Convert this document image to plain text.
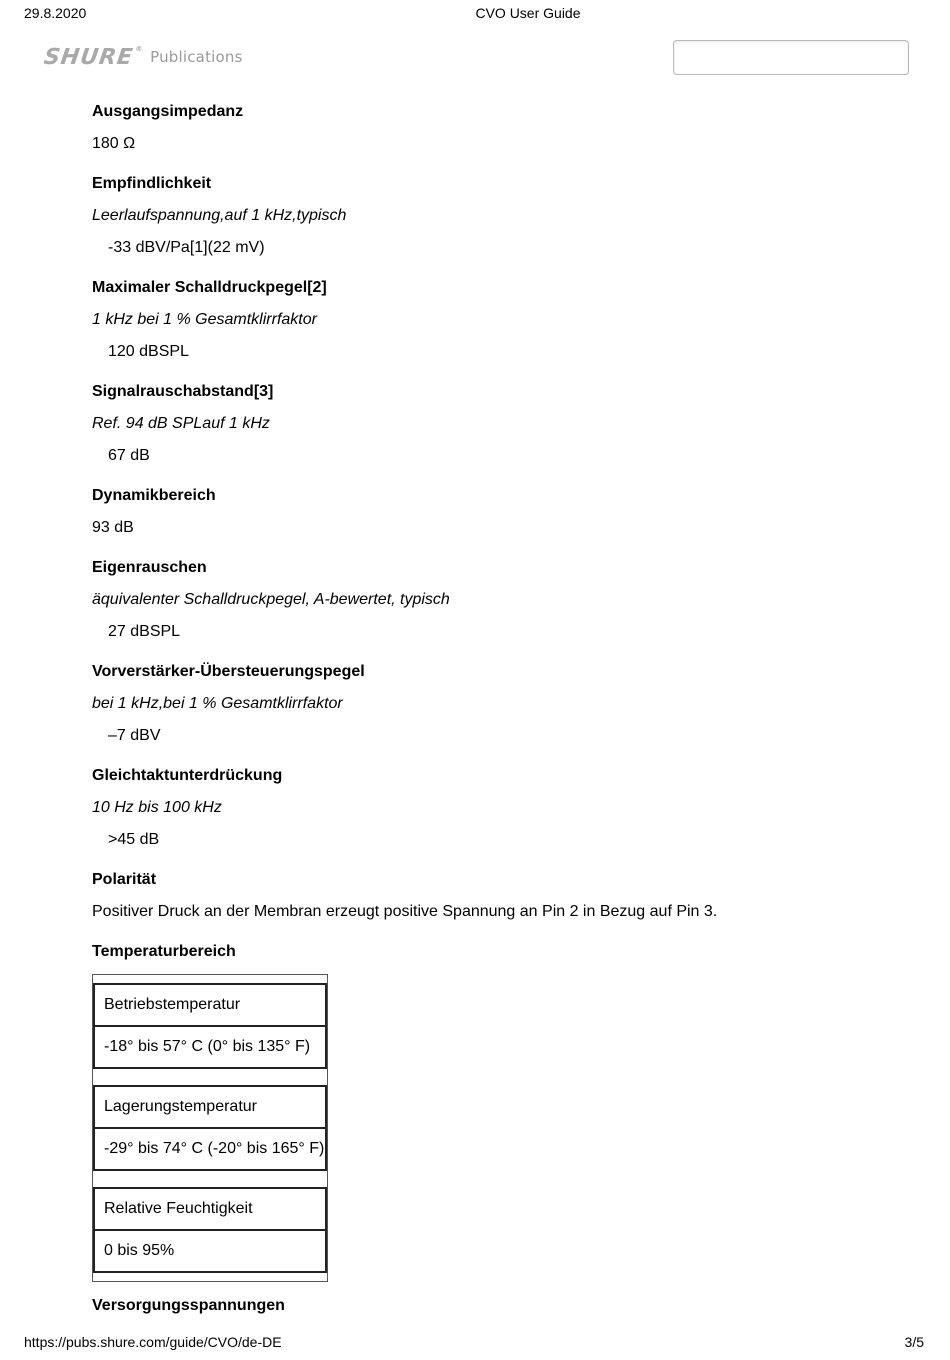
29.8.2020	CVO User Guide
SHURE® Publications
Ausgangsimpedanz
180 Ω
Empfindlichkeit
Leerlaufspannung,auf 1 kHz,typisch
-33 dBV/Pa[1](22 mV)
Maximaler Schalldruckpegel[2]
1 kHz bei 1 % Gesamtklirrfaktor
120 dBSPL
Signalrauschabstand[3]
Ref. 94 dB SPLauf 1 kHz
67 dB
Dynamikbereich
93 dB
Eigenrauschen
äquivalenter Schalldruckpegel, A-bewertet, typisch
27 dBSPL
Vorverstärker-Übersteuerungspegel
bei 1 kHz,bei 1 % Gesamtklirrfaktor
–7 dBV
Gleichtaktunterdrückung
10 Hz bis 100 kHz
>45 dB
Polarität
Positiver Druck an der Membran erzeugt positive Spannung an Pin 2 in Bezug auf Pin 3.
Temperaturbereich
Betriebstemperatur
-18° bis 57° C (0° bis 135° F)
Lagerungstemperatur
-29° bis 74° C (-20° bis 165° F)
Relative Feuchtigkeit
0 bis 95%
Versorgungsspannungen
https://pubs.shure.com/guide/CVO/de-DE	3/5
